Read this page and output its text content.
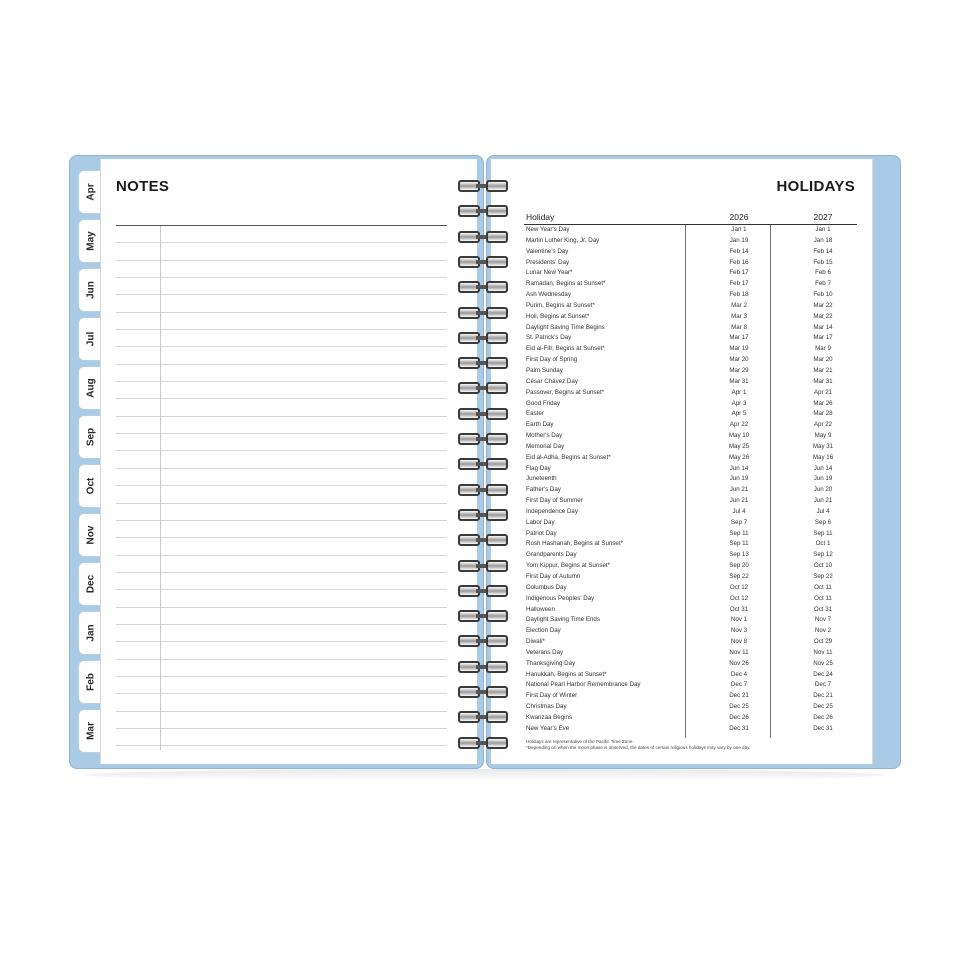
Apr
May
Jun
Jul
Aug
Sep
Oct
Nov
Dec
Jan
Feb
Mar
NOTES	HOLIDAYS
Holiday	2026	2027
New Year's Day	Jan 1	Jan 1
Martin Luther King, Jr. Day	Jan 19	Jan 18
Valentine's Day	Feb 14	Feb 14
Presidents' Day	Feb 16	Feb 15
Lunar New Year*	Feb 17	Feb 6
Ramadan, Begins at Sunset*	Feb 17	Feb 7
Ash Wednesday	Feb 18	Feb 10
Purim, Begins at Sunset*	Mar 2	Mar 22
Holi, Begins at Sunset*	Mar 3	Mar 22
Daylight Saving Time Begins	Mar 8	Mar 14
St. Patrick's Day	Mar 17	Mar 17
Eid al-Fitr, Begins at Sunset*	Mar 19	Mar 9
First Day of Spring	Mar 20	Mar 20
Palm Sunday	Mar 29	Mar 21
César Chávez Day	Mar 31	Mar 31
Passover, Begins at Sunset*	Apr 1	Apr 21
Good Friday	Apr 3	Mar 26
Easter	Apr 5	Mar 28
Earth Day	Apr 22	Apr 22
Mother's Day	May 10	May 9
Memorial Day	May 25	May 31
Eid al-Adha, Begins at Sunset*	May 26	May 16
Flag Day	Jun 14	Jun 14
Juneteenth	Jun 19	Jun 19
Father's Day	Jun 21	Jun 20
First Day of Summer	Jun 21	Jun 21
Independence Day	Jul 4	Jul 4
Labor Day	Sep 7	Sep 6
Patriot Day	Sep 11	Sep 11
Rosh Hashanah, Begins at Sunset*	Sep 11	Oct 1
Grandparents Day	Sep 13	Sep 12
Yom Kippur, Begins at Sunset*	Sep 20	Oct 10
First Day of Autumn	Sep 22	Sep 22
Columbus Day	Oct 12	Oct 11
Indigenous Peoples' Day	Oct 12	Oct 11
Halloween	Oct 31	Oct 31
Daylight Saving Time Ends	Nov 1	Nov 7
Election Day	Nov 3	Nov 2
Diwali*	Nov 8	Oct 29
Veterans Day	Nov 11	Nov 11
Thanksgiving Day	Nov 26	Nov 25
Hanukkah, Begins at Sunset*	Dec 4	Dec 24
National Pearl Harbor Remembrance Day	Dec 7	Dec 7
First Day of Winter	Dec 21	Dec 21
Christmas Day	Dec 25	Dec 25
Kwanzaa Begins	Dec 26	Dec 26
New Year's Eve	Dec 31	Dec 31
Holidays are representative of the Pacific Time Zone.
*Depending on when the moon phase is observed, the dates of certain religious holidays may vary by one day.
